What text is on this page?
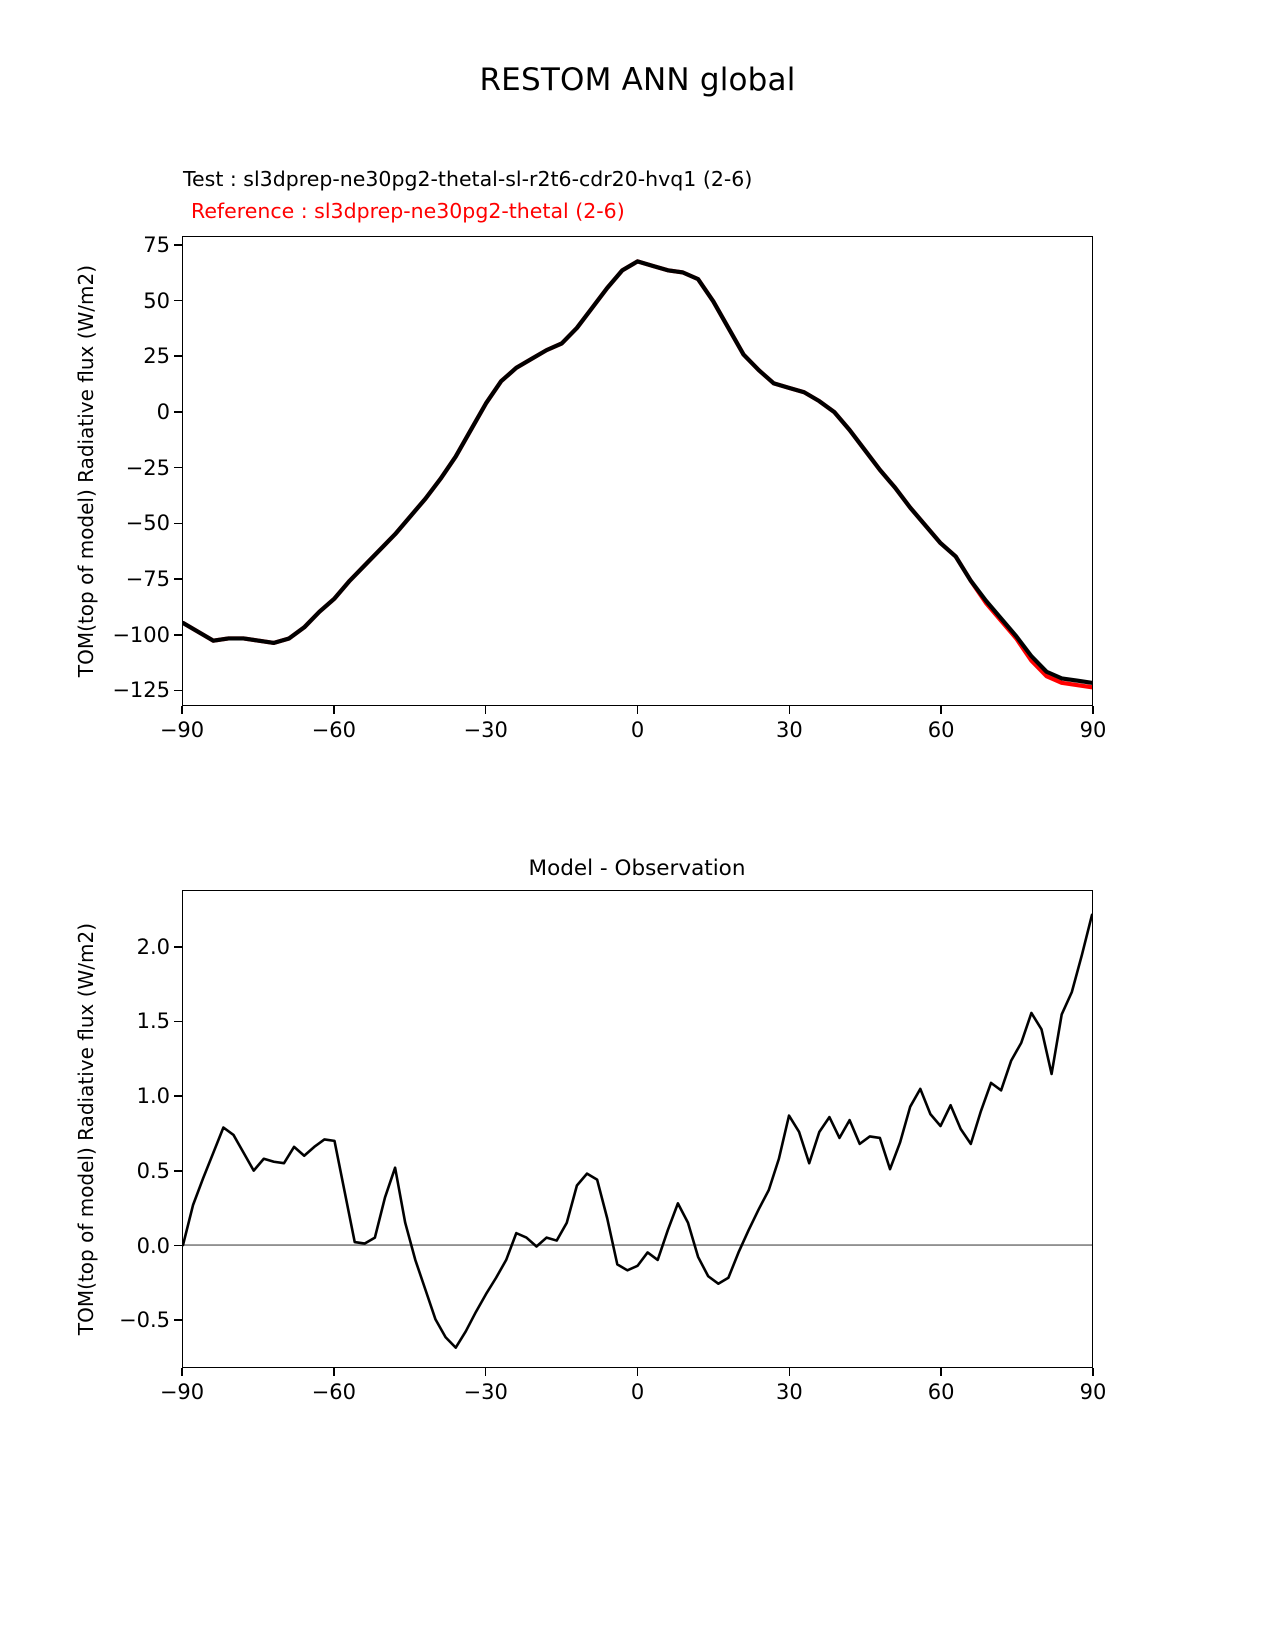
RESTOM ANN global
Test : sl3dprep-ne30pg2-thetal-sl-r2t6-cdr20-hvq1 (2-6)
Reference : sl3dprep-ne30pg2-thetal (2-6)
75
50
25
0
−25
−50
−75
−100
−125
−90	−60	−30	0	30	60	90
TOM(top of model) Radiative flux (W/m2)
Model - Observation
2.0
1.5
1.0
0.5
0.0
−0.5
−90	−60	−30	0	30	60	90
TOM(top of model) Radiative flux (W/m2)
